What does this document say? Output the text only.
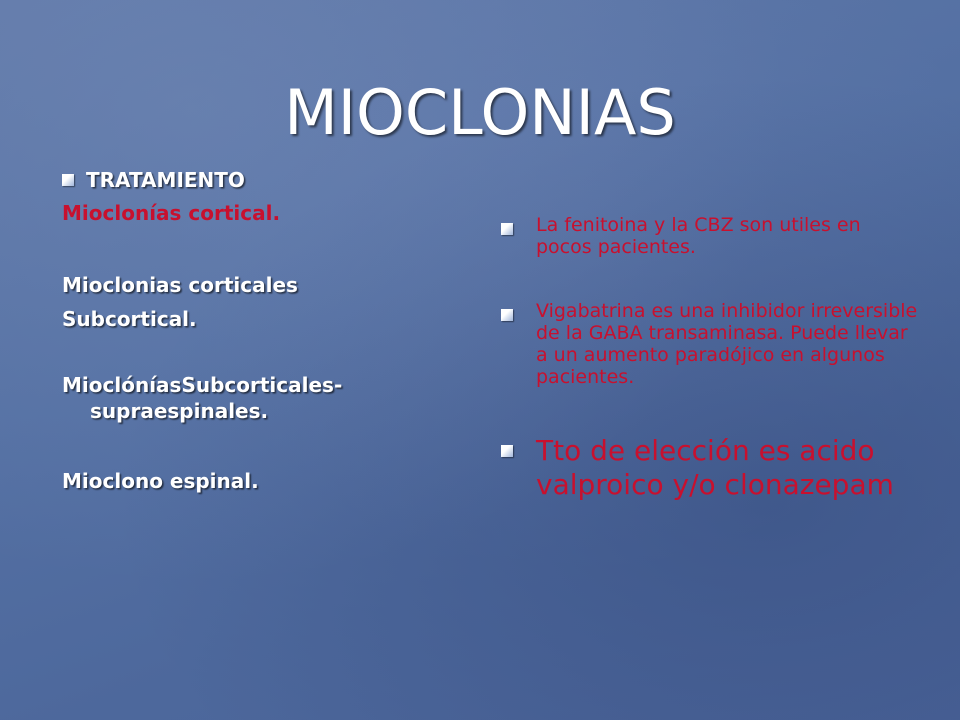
MIOCLONIAS
TRATAMIENTO
Mioclonías cortical.
Mioclonias corticales
Subcortical.
MioclóníasSubcorticales- supraespinales.
Mioclono espinal.
La fenitoina y la CBZ son utiles en pocos pacientes.
Vigabatrina es una inhibidor irreversible de la GABA transaminasa. Puede llevar a un aumento paradójico en algunos pacientes.
Tto de elección es acido valproico y/o clonazepam
